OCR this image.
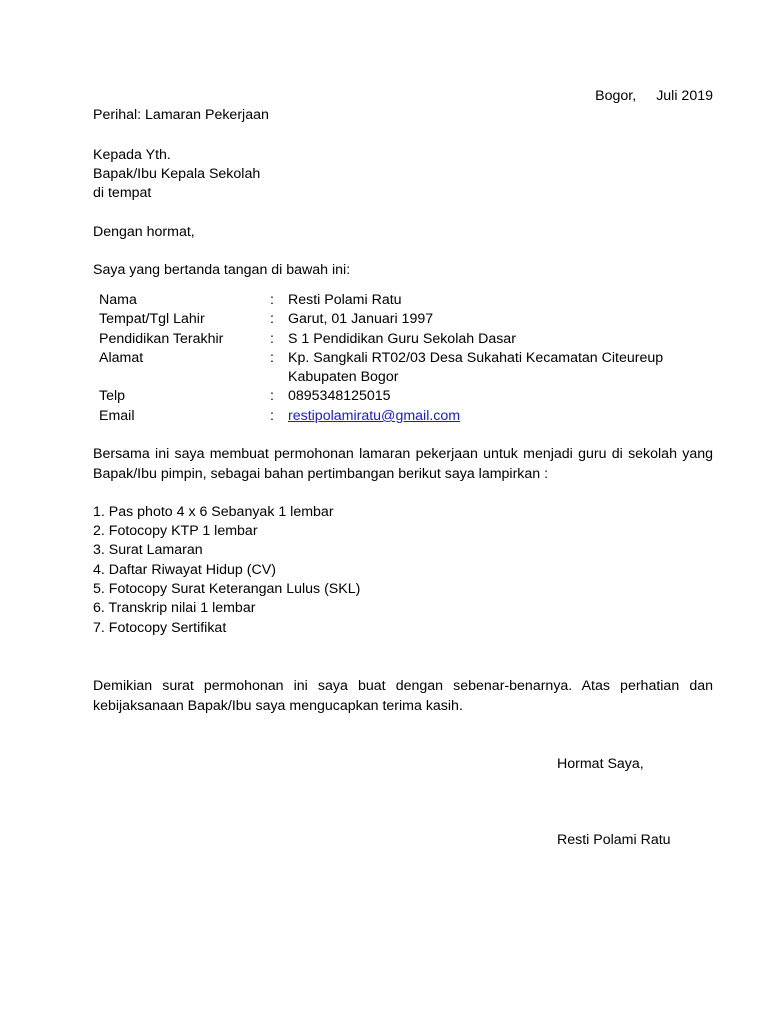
Bogor, Juli 2019
Perihal: Lamaran Pekerjaan
Kepada Yth.
Bapak/Ibu Kepala Sekolah
di tempat
Dengan hormat,
Saya yang bertanda tangan di bawah ini:
Nama	: Resti Polami Ratu
Tempat/Tgl Lahir	: Garut, 01 Januari 1997
Pendidikan Terakhir	: S 1 Pendidikan Guru Sekolah Dasar
Alamat	: Kp. Sangkali RT02/03 Desa Sukahati Kecamatan Citeureup
Kabupaten Bogor
Telp	: 0895348125015
Email	: restipolamiratu@gmail.com
Bersama ini saya membuat permohonan lamaran pekerjaan untuk menjadi guru di sekolah yang Bapak/Ibu pimpin, sebagai bahan pertimbangan berikut saya lampirkan :
1. Pas photo 4 x 6 Sebanyak 1 lembar
2. Fotocopy KTP 1 lembar
3. Surat Lamaran
4. Daftar Riwayat Hidup (CV)
5. Fotocopy Surat Keterangan Lulus (SKL)
6. Transkrip nilai 1 lembar
7. Fotocopy Sertifikat
Demikian surat permohonan ini saya buat dengan sebenar-benarnya. Atas perhatian dan kebijaksanaan Bapak/Ibu saya mengucapkan terima kasih.
Hormat Saya,
Resti Polami Ratu
